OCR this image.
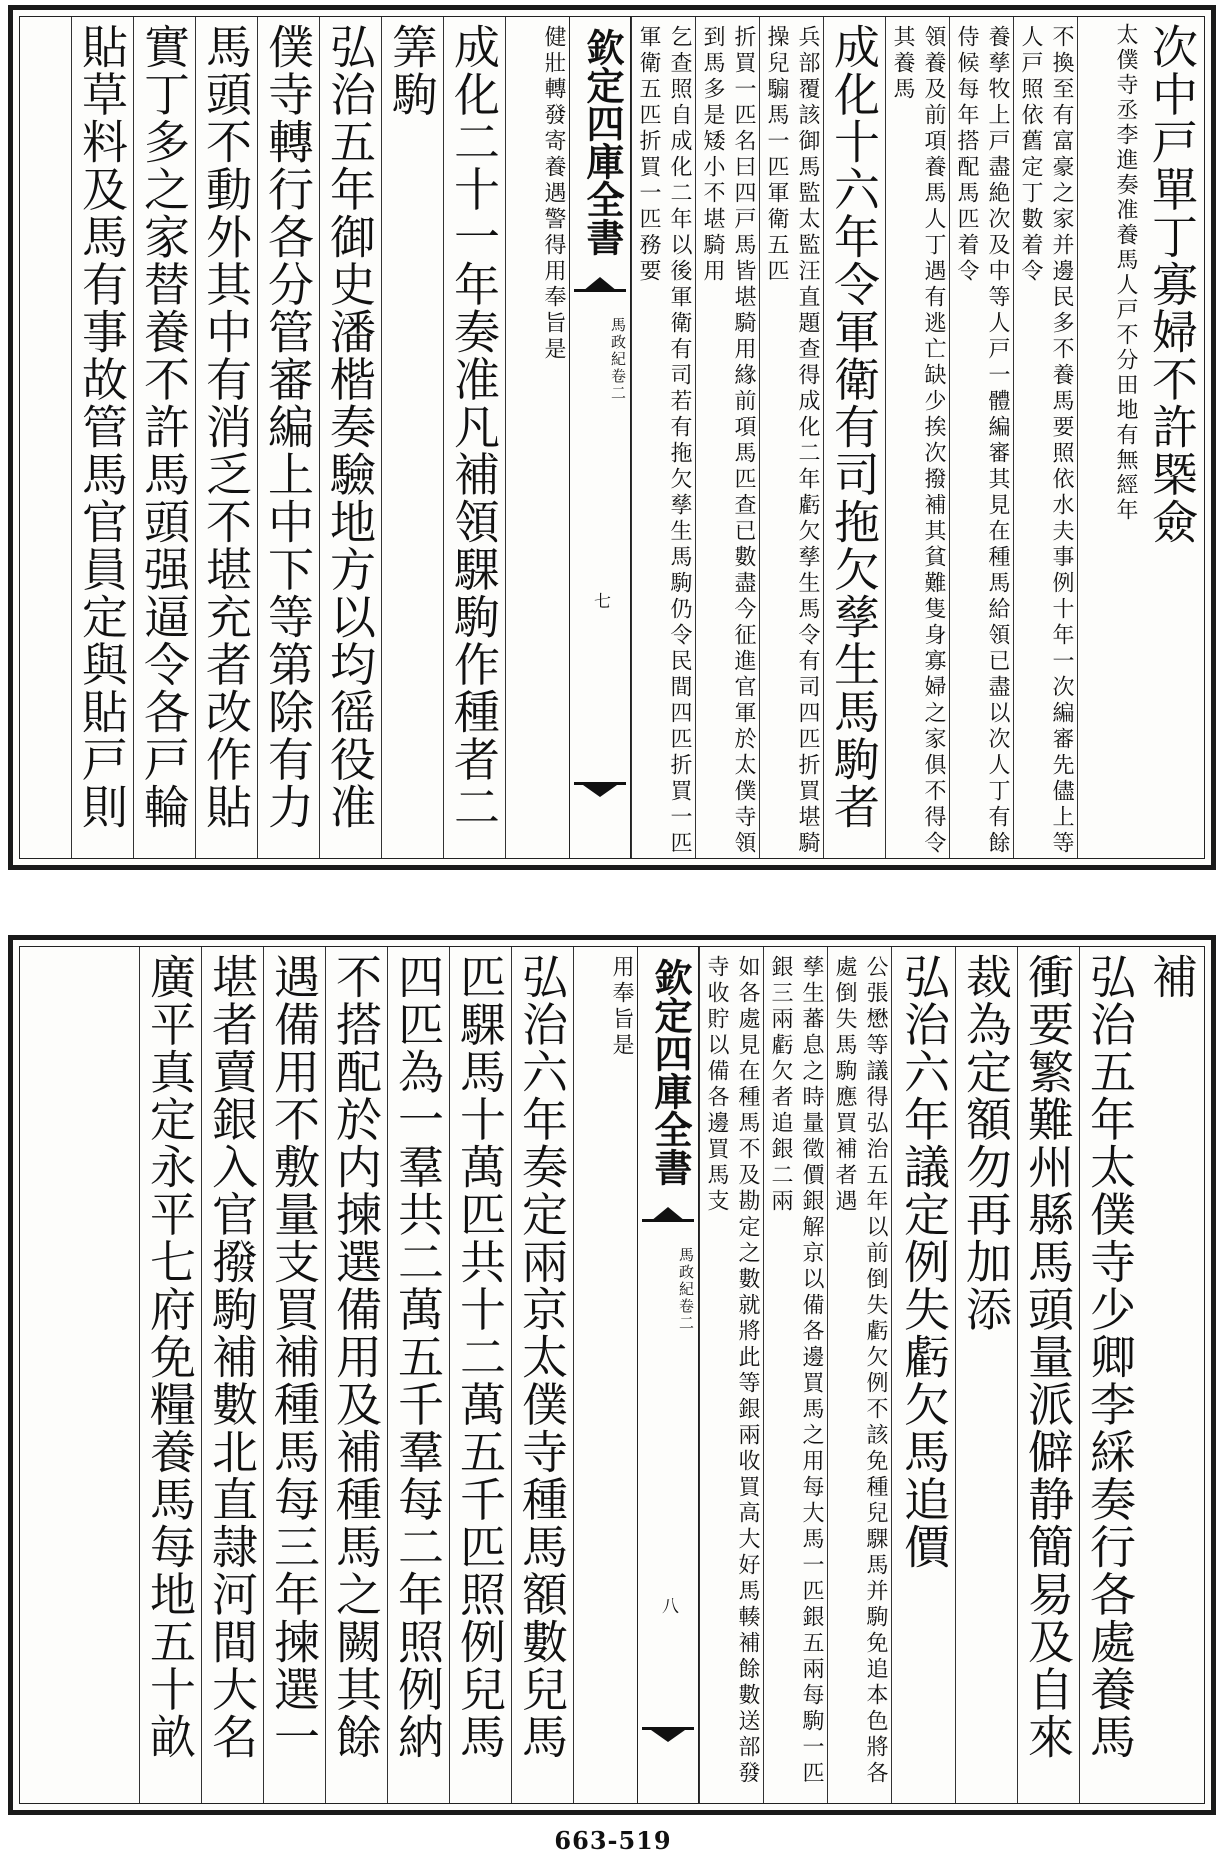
次中戸單丁寡婦不許槩僉
太僕寺丞李進奏准養馬人戸不分田地有無經年
不換至有富豪之家并邊民多不養馬要照依水夫事例十年一次編審先儘上等人戸照依舊定丁數着令
養孳牧上戸盡絶次及中等人戸一體編審其見在種馬給領已盡以次人丁有餘侍候每年搭配馬匹着令
領養及前項養馬人丁遇有逃亡缺少挨次撥補其貧難隻身寡婦之家俱不得令其養馬
成化十六年令軍衛有司拖欠孳生馬駒者
兵部覆該御馬監太監汪直題查得成化二年虧欠孳生馬令有司四匹折買堪騎操兒騸馬一匹軍衛五匹
折買一匹名曰四戸馬皆堪騎用緣前項馬匹查已數盡今征進官軍於太僕寺領到馬多是矮小不堪騎用
乞查照自成化二年以後軍衛有司若有拖欠孳生馬駒仍令民間四匹折買一匹軍衛五匹折買一匹務要
欽定四庫全書
馬政紀卷二
七
健壯轉發寄養遇警得用奉旨是
成化二十一年奏准凡補領騍駒作種者二
筭駒
弘治五年御史潘楷奏驗地方以均徭役准
僕寺轉行各分管審編上中下等第除有力
馬頭不動外其中有消乏不堪充者改作貼
實丁多之家替養不許馬頭强逼令各戸輪
貼草料及馬有事故管馬官員定與貼戸則
補
弘治五年太僕寺少卿李綵奏行各處養馬
衝要繁難州縣馬頭量派僻静簡易及自來
裁為定額勿再加添
弘治六年議定例失虧欠馬追價
公張懋等議得弘治五年以前倒失虧欠例不該免種兒騍馬并駒免追本色將各處倒失馬駒應買補者遇
孳生蕃息之時量徵價銀解京以備各邊買馬之用每大馬一匹銀五兩每駒一匹銀三兩虧欠者追銀二兩
如各處見在種馬不及勘定之數就將此等銀兩收買高大好馬輳補餘數送部發寺收貯以備各邊買馬支
欽定四庫全書
馬政紀卷二
八
用奉旨是
弘治六年奏定兩京太僕寺種馬額數兒馬
匹騍馬十萬匹共十二萬五千匹照例兒馬
四匹為一羣共二萬五千羣每二年照例納
不搭配於内揀選備用及補種馬之闕其餘
遇備用不敷量支買補種馬每三年揀選一
堪者賣銀入官撥駒補數北直隷河間大名
廣平真定永平七府免糧養馬每地五十畝
663-519
